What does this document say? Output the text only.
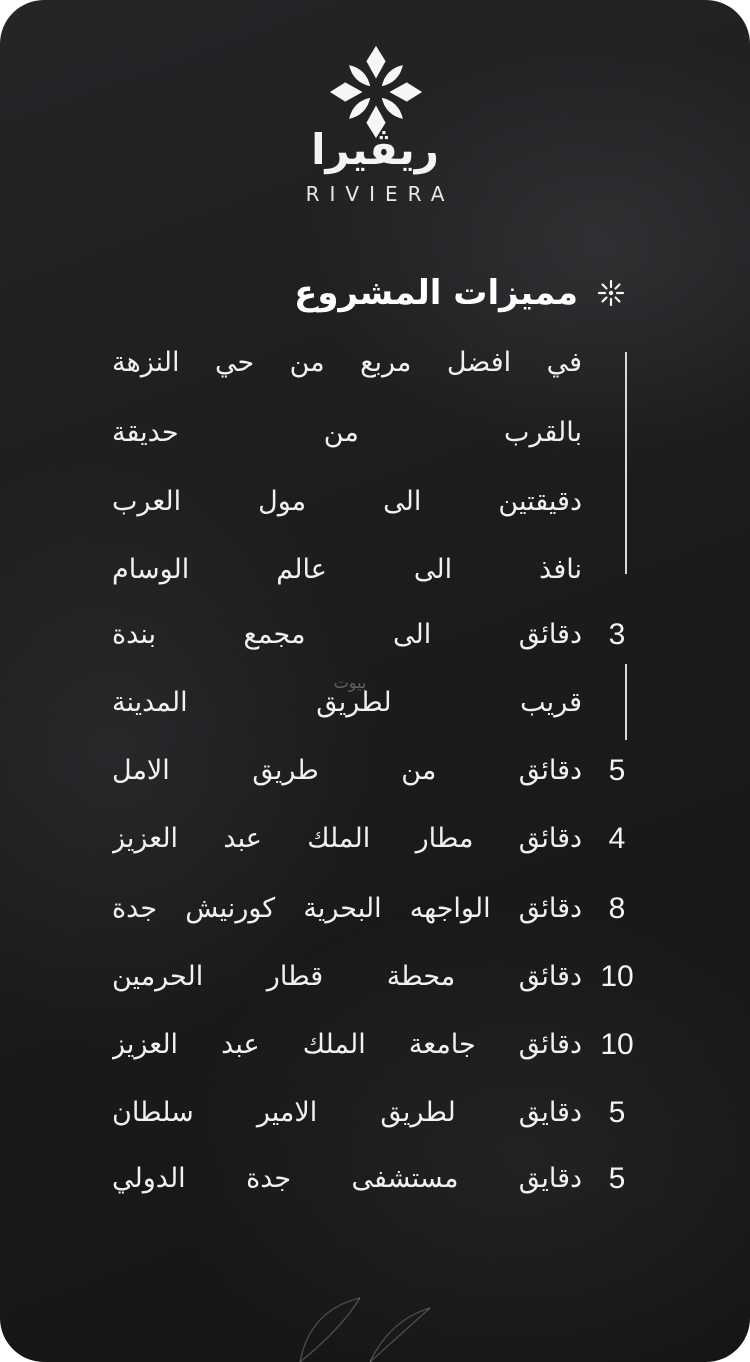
ريڤيرا
RIVIERA
مميزات المشروع
في افضل مربع من حي النزهة
بالقرب من حديقة
دقيقتين الى مول العرب
نافذ الى عالم الوسام
دقائق الى مجمع بندة 3
قريب لطريق المدينة
دقائق من طريق الامل 5
دقائق مطار الملك عبد العزيز 4
دقائق الواجهه البحرية كورنيش جدة 8
دقائق محطة قطار الحرمين 10
دقائق جامعة الملك عبد العزيز 10
دقايق لطريق الامير سلطان 5
دقايق مستشفى جدة الدولي 5
بيوت
